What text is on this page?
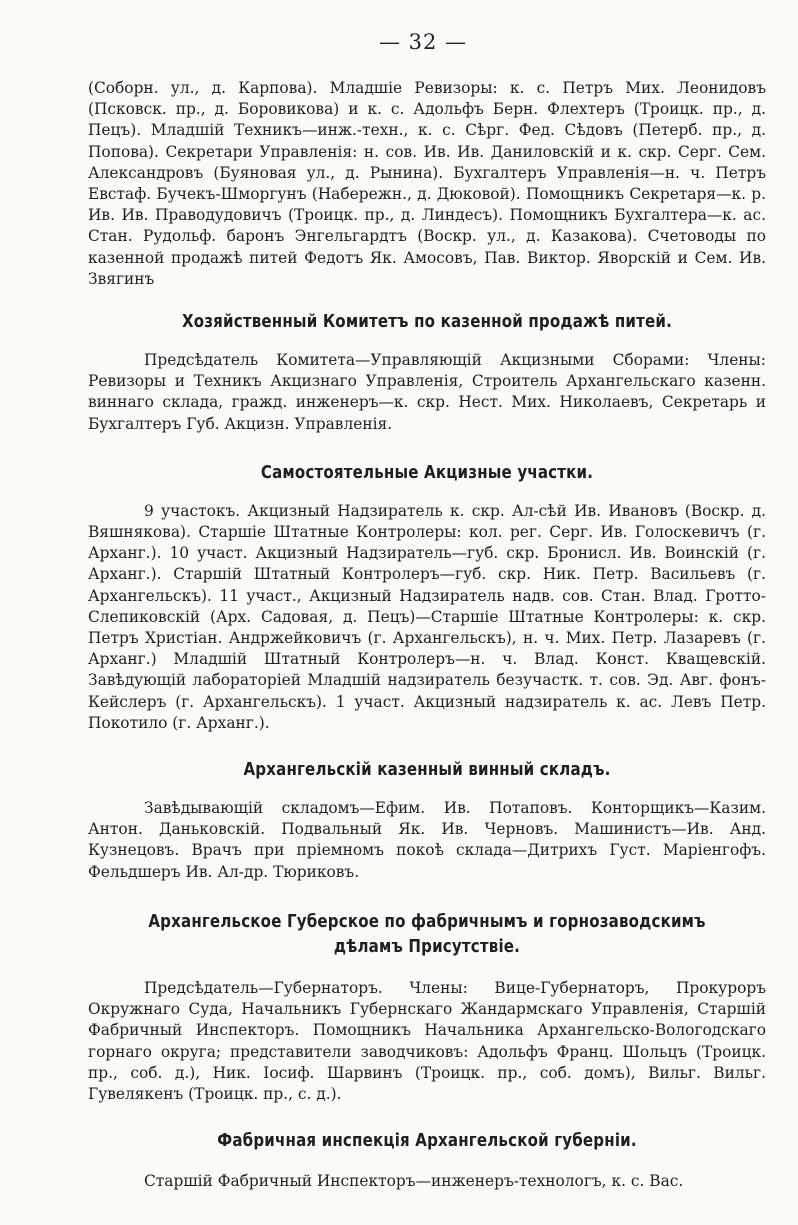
— 32 —

(Соборн. ул., д. Карпова). Младшіе Ревизоры: к. с. Петръ Мих. Леонидовъ (Псковск. пр., д. Боровикова) и к. с. Адольфъ Берн. Флехтеръ (Троицк. пр., д. Пецъ). Младшій Техникъ—инж.-техн., к. с. Сѣрг. Фед. Сѣдовъ (Петерб. пр., д. Попова). Секретари Управленія: н. сов. Ив. Ив. Даниловскій и к. скр. Серг. Сем. Александровъ (Буяновая ул., д. Рынина). Бухгалтеръ Управленія—н. ч. Петръ Евстаф. Бучекъ-Шморгунъ (Набережн., д. Дюковой). Помощникъ Секретаря—к. р. Ив. Ив. Праводудовичъ (Троицк. пр., д. Линдесъ). Помощникъ Бухгалтера—к. ас. Стан. Рудольф. баронъ Энгельгардтъ (Воскр. ул., д. Казакова). Счетоводы по казенной продажѣ питей Федотъ Як. Амосовъ, Пав. Виктор. Яворскій и Сем. Ив. Звягинъ

Хозяйственный Комитетъ по казенной продажѣ питей.

Предсѣдатель Комитета—Управляющій Акцизными Сборами: Члены: Ревизоры и Техникъ Акцизнаго Управленія, Строитель Архангельскаго казенн. виннаго склада, гражд. инженеръ—к. скр. Нест. Мих. Николаевъ, Секретарь и Бухгалтеръ Губ. Акцизн. Управленія.

Самостоятельные Акцизные участки.

9 участокъ. Акцизный Надзиратель к. скр. Ал-сѣй Ив. Ивановъ (Воскр. д. Вяшнякова). Старшіе Штатные Контролеры: кол. рег. Серг. Ив. Голоскевичъ (г. Арханг.). 10 участ. Акцизный Надзиратель—губ. скр. Бронисл. Ив. Воинскій (г. Арханг.). Старшій Штатный Контролеръ—губ. скр. Ник. Петр. Васильевъ (г. Архангельскъ). 11 участ., Акцизный Надзиратель надв. сов. Стан. Влад. Гротто-Слепиковскій (Арх. Садовая, д. Пецъ)—Старшіе Штатные Контролеры: к. скр. Петръ Христіан. Андржейковичъ (г. Архангельскъ), н. ч. Мих. Петр. Лазаревъ (г. Арханг.) Младшій Штатный Контролеръ—н. ч. Влад. Конст. Кващевскій. Завѣдующій лабораторіей Младшій надзиратель безучастк. т. сов. Эд. Авг. фонъ-Кейслеръ (г. Архангельскъ). 1 участ. Акцизный надзиратель к. ас. Левъ Петр. Покотило (г. Арханг.).

Архангельскій казенный винный складъ.

Завѣдывающій складомъ—Ефим. Ив. Потаповъ. Конторщикъ—Казим. Антон. Даньковскій. Подвальный Як. Ив. Черновъ. Машинистъ—Ив. Анд. Кузнецовъ. Врачъ при пріемномъ покоѣ склада—Дитрихъ Густ. Маріенгофъ. Фельдшеръ Ив. Ал-др. Тюриковъ.

Архангельское Губерское по фабричнымъ и горнозаводскимъ
дѣламъ Присутствіе.

Предсѣдатель—Губернаторъ. Члены: Вице-Губернаторъ, Прокуроръ Окружнаго Суда, Начальникъ Губернскаго Жандармскаго Управленія, Старшій Фабричный Инспекторъ. Помощникъ Начальника Архангельско-Вологодскаго горнаго округа; представители заводчиковъ: Адольфъ Франц. Шольцъ (Троицк. пр., соб. д.), Ник. Іосиф. Шарвинъ (Троицк. пр., соб. домъ), Вильг. Вильг. Гувелякенъ (Троицк. пр., с. д.).

Фабричная инспекція Архангельской губерніи.

Старшій Фабричный Инспекторъ—инженеръ-технологъ, к. с. Вас.
